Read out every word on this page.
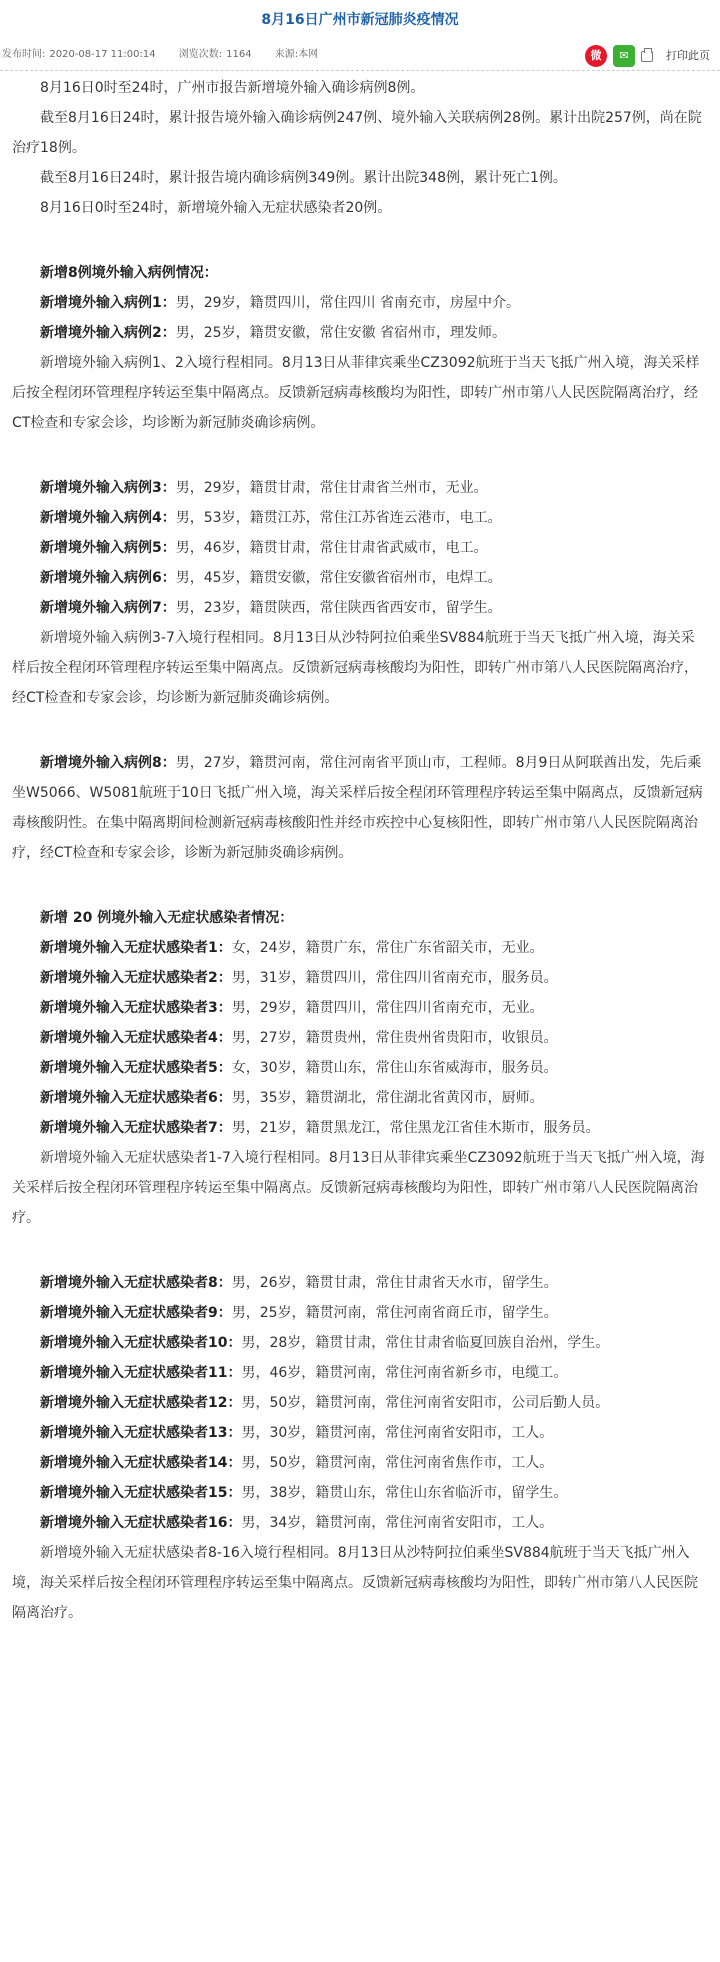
8月16日广州市新冠肺炎疫情况
发布时间: 2020-08-17 11:00:14 浏览次数: 1164 来源:本网	微	✉	打印此页

8月16日0时至24时，广州市报告新增境外输入确诊病例8例。

截至8月16日24时，累计报告境外输入确诊病例247例、境外输入关联病例28例。累计出院257例，尚在院治疗18例。

截至8月16日24时，累计报告境内确诊病例349例。累计出院348例，累计死亡1例。

8月16日0时至24时，新增境外输入无症状感染者20例。

新增8例境外输入病例情况：

新增境外输入病例1：男，29岁，籍贯四川，常住四川 省南充市，房屋中介。

新增境外输入病例2：男，25岁，籍贯安徽，常住安徽 省宿州市，理发师。

新增境外输入病例1、2入境行程相同。8月13日从菲律宾乘坐CZ3092航班于当天飞抵广州入境，海关采样后按全程闭环管理程序转运至集中隔离点。反馈新冠病毒核酸均为阳性，即转广州市第八人民医院隔离治疗，经CT检查和专家会诊，均诊断为新冠肺炎确诊病例。

新增境外输入病例3：男，29岁，籍贯甘肃，常住甘肃省兰州市，无业。

新增境外输入病例4：男，53岁，籍贯江苏，常住江苏省连云港市，电工。

新增境外输入病例5：男，46岁，籍贯甘肃，常住甘肃省武威市，电工。

新增境外输入病例6：男，45岁，籍贯安徽，常住安徽省宿州市，电焊工。

新增境外输入病例7：男，23岁，籍贯陕西，常住陕西省西安市，留学生。

新增境外输入病例3-7入境行程相同。8月13日从沙特阿拉伯乘坐SV884航班于当天飞抵广州入境，海关采样后按全程闭环管理程序转运至集中隔离点。反馈新冠病毒核酸均为阳性，即转广州市第八人民医院隔离治疗，经CT检查和专家会诊，均诊断为新冠肺炎确诊病例。

新增境外输入病例8：男，27岁，籍贯河南，常住河南省平顶山市，工程师。8月9日从阿联酋出发，先后乘坐W5066、W5081航班于10日飞抵广州入境，海关采样后按全程闭环管理程序转运至集中隔离点，反馈新冠病毒核酸阴性。在集中隔离期间检测新冠病毒核酸阳性并经市疾控中心复核阳性，即转广州市第八人民医院隔离治疗，经CT检查和专家会诊，诊断为新冠肺炎确诊病例。

新增 20 例境外输入无症状感染者情况：

新增境外输入无症状感染者1：女，24岁，籍贯广东，常住广东省韶关市，无业。

新增境外输入无症状感染者2：男，31岁，籍贯四川，常住四川省南充市，服务员。

新增境外输入无症状感染者3：男，29岁，籍贯四川，常住四川省南充市，无业。

新增境外输入无症状感染者4：男，27岁，籍贯贵州，常住贵州省贵阳市，收银员。

新增境外输入无症状感染者5：女，30岁，籍贯山东，常住山东省威海市，服务员。

新增境外输入无症状感染者6：男，35岁，籍贯湖北，常住湖北省黄冈市，厨师。

新增境外输入无症状感染者7：男，21岁，籍贯黑龙江，常住黑龙江省佳木斯市，服务员。

新增境外输入无症状感染者1-7入境行程相同。8月13日从菲律宾乘坐CZ3092航班于当天飞抵广州入境，海关采样后按全程闭环管理程序转运至集中隔离点。反馈新冠病毒核酸均为阳性，即转广州市第八人民医院隔离治疗。

新增境外输入无症状感染者8：男，26岁，籍贯甘肃，常住甘肃省天水市，留学生。

新增境外输入无症状感染者9：男，25岁，籍贯河南，常住河南省商丘市，留学生。

新增境外输入无症状感染者10：男，28岁，籍贯甘肃，常住甘肃省临夏回族自治州，学生。

新增境外输入无症状感染者11：男，46岁，籍贯河南，常住河南省新乡市，电缆工。

新增境外输入无症状感染者12：男，50岁，籍贯河南，常住河南省安阳市，公司后勤人员。

新增境外输入无症状感染者13：男，30岁，籍贯河南，常住河南省安阳市，工人。

新增境外输入无症状感染者14：男，50岁，籍贯河南，常住河南省焦作市，工人。

新增境外输入无症状感染者15：男，38岁，籍贯山东，常住山东省临沂市，留学生。

新增境外输入无症状感染者16：男，34岁，籍贯河南，常住河南省安阳市，工人。

新增境外输入无症状感染者8-16入境行程相同。8月13日从沙特阿拉伯乘坐SV884航班于当天飞抵广州入境，海关采样后按全程闭环管理程序转运至集中隔离点。反馈新冠病毒核酸均为阳性，即转广州市第八人民医院隔离治疗。
